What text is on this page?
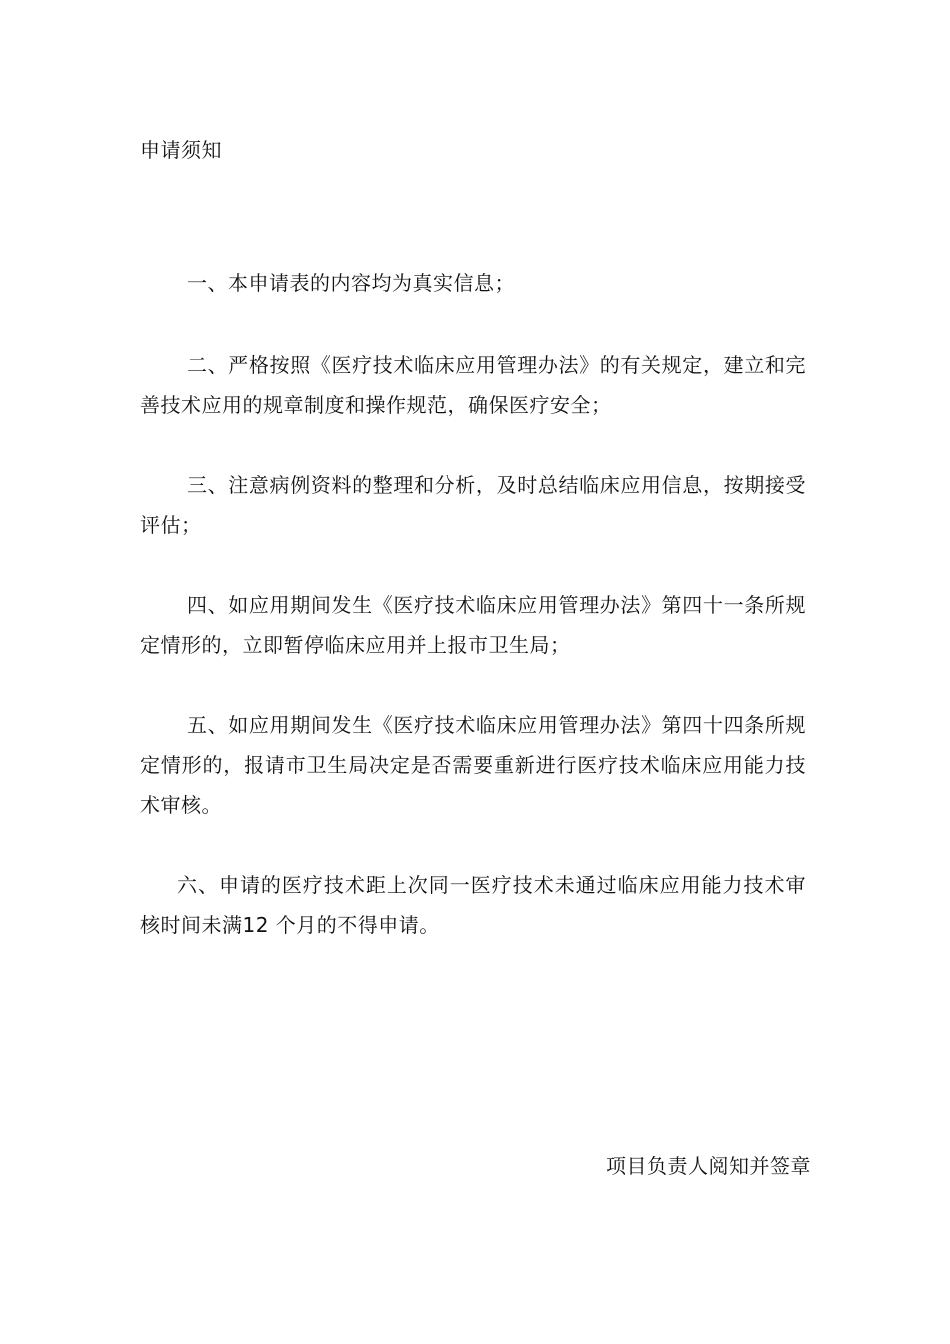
申请须知
一、本申请表的内容均为真实信息；
二、严格按照《医疗技术临床应用管理办法》的有关规定，建立和完善技术应用的规章制度和操作规范，确保医疗安全；
三、注意病例资料的整理和分析，及时总结临床应用信息，按期接受评估；
四、如应用期间发生《医疗技术临床应用管理办法》第四十一条所规定情形的，立即暂停临床应用并上报市卫生局；
五、如应用期间发生《医疗技术临床应用管理办法》第四十四条所规定情形的，报请市卫生局决定是否需要重新进行医疗技术临床应用能力技术审核。
六、申请的医疗技术距上次同一医疗技术未通过临床应用能力技术审核时间未满12 个月的不得申请。
项目负责人阅知并签章
